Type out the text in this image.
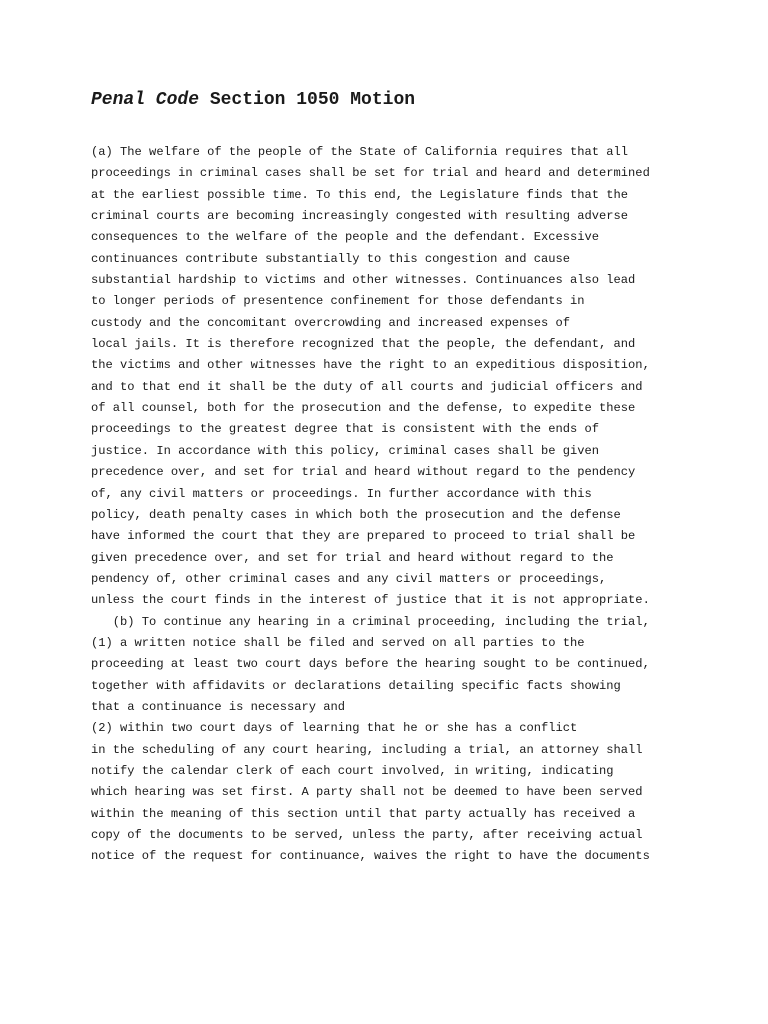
Penal Code Section 1050 Motion
(a) The welfare of the people of the State of California requires that all
proceedings in criminal cases shall be set for trial and heard and determined
at the earliest possible time. To this end, the Legislature finds that the
criminal courts are becoming increasingly congested with resulting adverse
consequences to the welfare of the people and the defendant. Excessive
continuances contribute substantially to this congestion and cause
substantial hardship to victims and other witnesses. Continuances also lead
to longer periods of presentence confinement for those defendants in
custody and the concomitant overcrowding and increased expenses of
local jails. It is therefore recognized that the people, the defendant, and
the victims and other witnesses have the right to an expeditious disposition,
and to that end it shall be the duty of all courts and judicial officers and
of all counsel, both for the prosecution and the defense, to expedite these
proceedings to the greatest degree that is consistent with the ends of
justice. In accordance with this policy, criminal cases shall be given
precedence over, and set for trial and heard without regard to the pendency
of, any civil matters or proceedings. In further accordance with this
policy, death penalty cases in which both the prosecution and the defense
have informed the court that they are prepared to proceed to trial shall be
given precedence over, and set for trial and heard without regard to the
pendency of, other criminal cases and any civil matters or proceedings,
unless the court finds in the interest of justice that it is not appropriate.
(b) To continue any hearing in a criminal proceeding, including the trial,
(1) a written notice shall be filed and served on all parties to the
proceeding at least two court days before the hearing sought to be continued,
together with affidavits or declarations detailing specific facts showing
that a continuance is necessary and
(2) within two court days of learning that he or she has a conflict
in the scheduling of any court hearing, including a trial, an attorney shall
notify the calendar clerk of each court involved, in writing, indicating
which hearing was set first. A party shall not be deemed to have been served
within the meaning of this section until that party actually has received a
copy of the documents to be served, unless the party, after receiving actual
notice of the request for continuance, waives the right to have the documents
